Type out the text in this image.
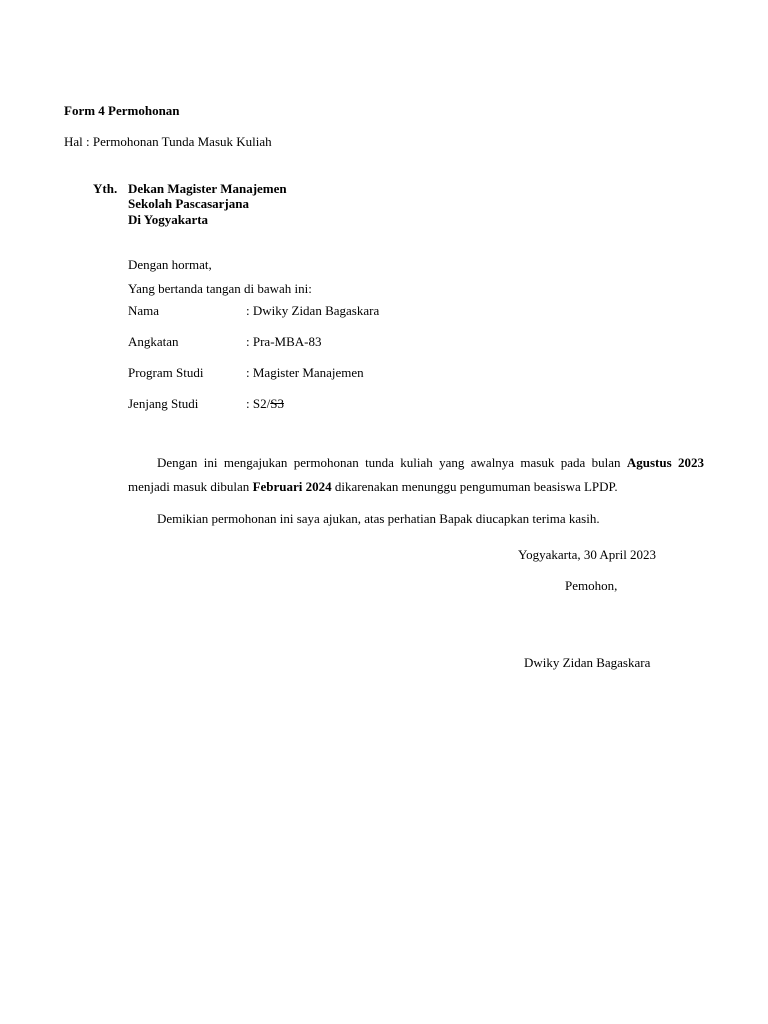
Form 4 Permohonan
Hal : Permohonan Tunda Masuk Kuliah
Yth. Dekan Magister Manajemen
Sekolah Pascasarjana
Di Yogyakarta
Dengan hormat,
Yang bertanda tangan di bawah ini:
Nama	: Dwiky Zidan Bagaskara
Angkatan	: Pra-MBA-83
Program Studi	: Magister Manajemen
Jenjang Studi	: S2/S3

Dengan ini mengajukan permohonan tunda kuliah yang awalnya masuk pada bulan Agustus 2023 menjadi masuk dibulan Februari 2024 dikarenakan menunggu pengumuman beasiswa LPDP.

Demikian permohonan ini saya ajukan, atas perhatian Bapak diucapkan terima kasih.

Yogyakarta, 30 April 2023
Pemohon,
Dwiky Zidan Bagaskara
